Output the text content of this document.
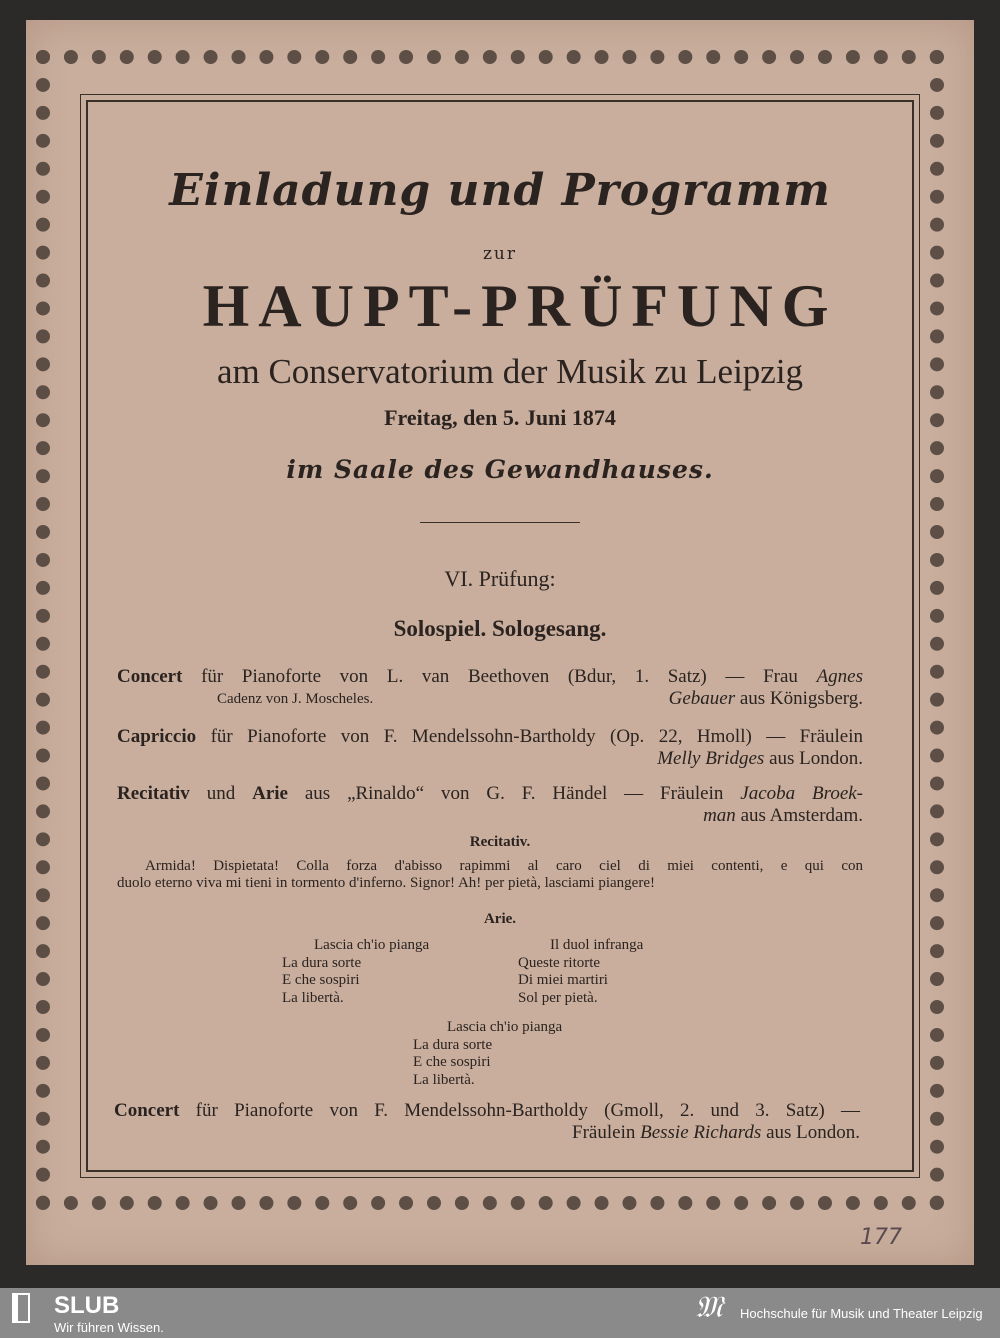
Einladung und Programm
zur
HAUPT-PRÜFUNG
am Conservatorium der Musik zu Leipzig
Freitag, den 5. Juni 1874
im Saale des Gewandhauses.
VI. Prüfung:
Solospiel. Sologesang.
Concert für Pianoforte von L. van Beethoven (Bdur, 1. Satz) — Frau Agnes
Cadenz von J. Moscheles.	Gebauer aus Königsberg.
Capriccio für Pianoforte von F. Mendelssohn-Bartholdy (Op. 22, Hmoll) — Fräulein
Melly Bridges aus London.
Recitativ und Arie aus „Rinaldo“ von G. F. Händel — Fräulein Jacoba Broek-
man aus Amsterdam.
Recitativ.
Armida! Dispietata! Colla forza d'abisso rapimmi al caro ciel di miei contenti, e qui con
duolo eterno viva mi tieni in tormento d'inferno. Signor! Ah! per pietà, lasciami piangere!
Arie.
Lascia ch'io pianga
La dura sorte
E che sospiri
La libertà.
Il duol infranga
Queste ritorte
Di miei martiri
Sol per pietà.
Lascia ch'io pianga
La dura sorte
E che sospiri
La libertà.
Concert für Pianoforte von F. Mendelssohn-Bartholdy (Gmoll, 2. und 3. Satz) —
Fräulein Bessie Richards aus London.
177
SLUB
Wir führen Wissen.
𝔐 Hochschule für Musik und Theater Leipzig
